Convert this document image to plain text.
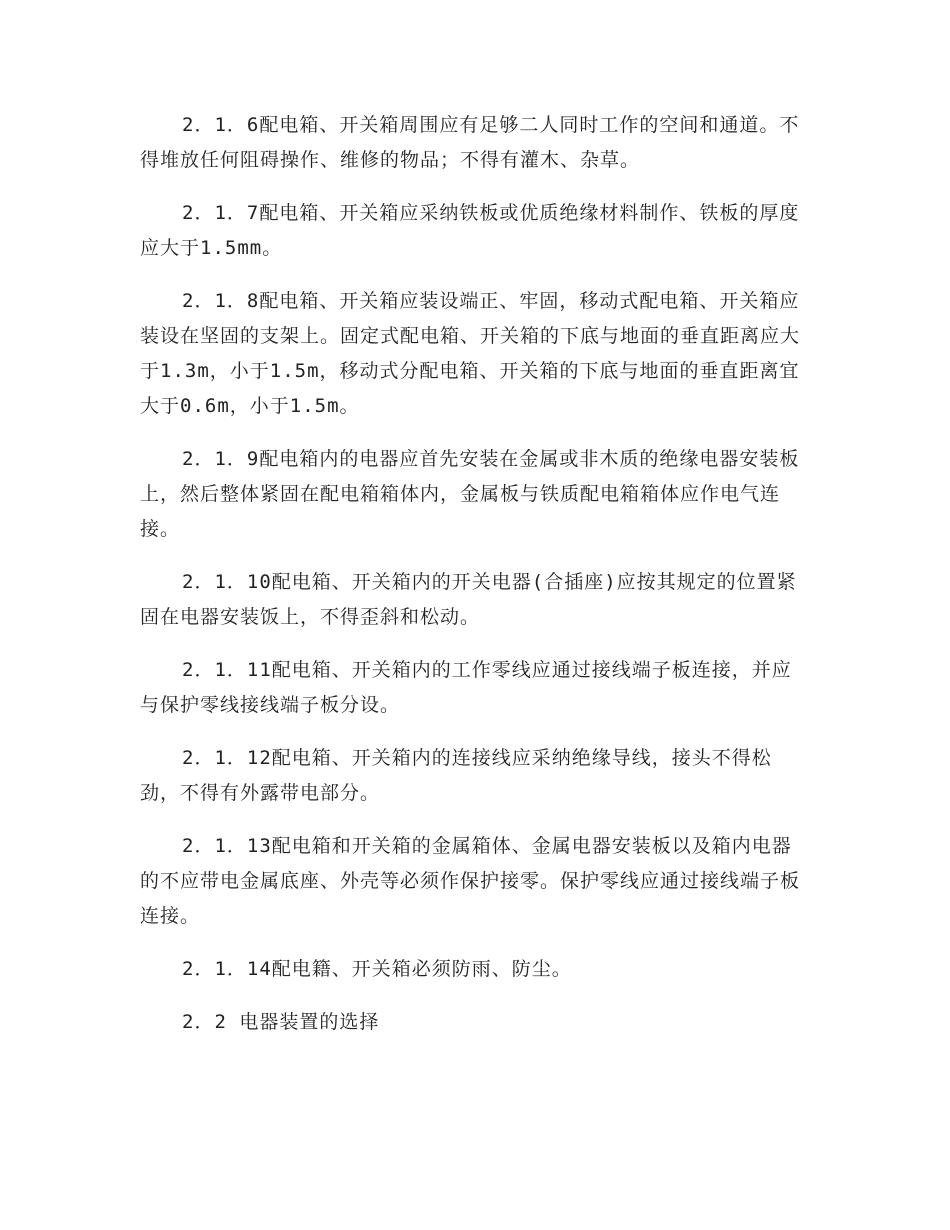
2．1．6配电箱、开关箱周围应有足够二人同时工作的空间和通道。不得堆放任何阻碍操作、维修的物品；不得有灌木、杂草。

2．1．7配电箱、开关箱应采纳铁板或优质绝缘材料制作、铁板的厚度应大于1.5mm。

2．1．8配电箱、开关箱应装设端正、牢固，移动式配电箱、开关箱应装设在坚固的支架上。固定式配电箱、开关箱的下底与地面的垂直距离应大于1.3m，小于1.5m，移动式分配电箱、开关箱的下底与地面的垂直距离宜大于0.6m，小于1.5m。

2．1．9配电箱内的电器应首先安装在金属或非木质的绝缘电器安装板上，然后整体紧固在配电箱箱体内，金属板与铁质配电箱箱体应作电气连接。

2．1．10配电箱、开关箱内的开关电器(合插座)应按其规定的位置紧固在电器安装饭上，不得歪斜和松动。

2．1．11配电箱、开关箱内的工作零线应通过接线端子板连接，并应与保护零线接线端子板分设。

2．1．12配电箱、开关箱内的连接线应采纳绝缘导线，接头不得松劲，不得有外露带电部分。

2．1．13配电箱和开关箱的金属箱体、金属电器安装板以及箱内电器的不应带电金属底座、外壳等必须作保护接零。保护零线应通过接线端子板连接。

2．1．14配电籍、开关箱必须防雨、防尘。

2．2 电器装置的选择
